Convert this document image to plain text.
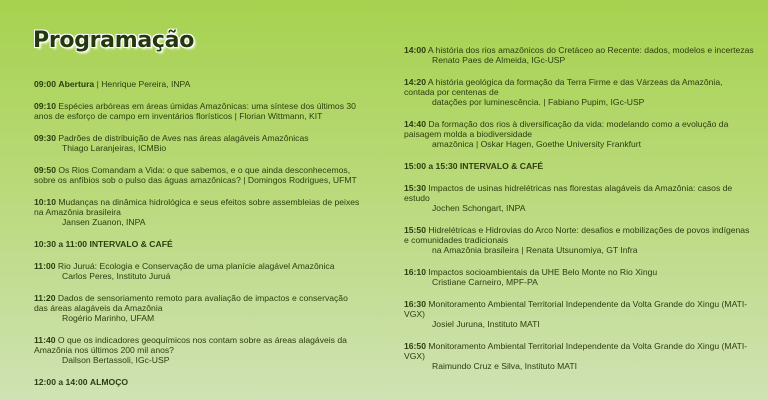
Programação
09:00 Abertura | Henrique Pereira, INPA
09:10 Espécies arbóreas em áreas úmidas Amazônicas: uma síntese dos últimos 30 anos de esforço de campo em inventários florísticos | Florian Wittmann, KIT
09:30 Padrões de distribuição de Aves nas áreas alagáveis Amazônicas
Thiago Laranjeiras, ICMBio
09:50 Os Rios Comandam a Vida: o que sabemos, e o que ainda desconhecemos, sobre os anfíbios sob o pulso das águas amazônicas? | Domingos Rodrigues, UFMT
10:10 Mudanças na dinâmica hidrológica e seus efeitos sobre assembleias de peixes na Amazônia brasileira
Jansen Zuanon, INPA
10:30 a 11:00 INTERVALO & CAFÉ
11:00 Rio Juruá: Ecologia e Conservação de uma planície alagável Amazônica
Carlos Peres, Instituto Juruá
11:20 Dados de sensoriamento remoto para avaliação de impactos e conservação das áreas alagáveis da Amazônia
Rogério Marinho, UFAM
11:40 O que os indicadores geoquímicos nos contam sobre as áreas alagáveis da Amazônia nos últimos 200 mil anos?
Dailson Bertassoli, IGc-USP
12:00 a 14:00 ALMOÇO
14:00 A história dos rios amazônicos do Cretáceo ao Recente: dados, modelos e incertezas
Renato Paes de Almeida, IGc-USP
14:20 A história geológica da formação da Terra Firme e das Várzeas da Amazônia, contada por centenas de
datações por luminescência. | Fabiano Pupim, IGc-USP
14:40 Da formação dos rios à diversificação da vida: modelando como a evolução da paisagem molda a biodiversidade
amazônica | Oskar Hagen, Goethe University Frankfurt
15:00 a 15:30 INTERVALO & CAFÉ
15:30 Impactos de usinas hidrelétricas nas florestas alagáveis da Amazônia: casos de estudo
Jochen Schongart, INPA
15:50 Hidrelétricas e Hidrovias do Arco Norte: desafios e mobilizações de povos indígenas e comunidades tradicionais
na Amazônia brasileira | Renata Utsunomiya, GT Infra
16:10 Impactos socioambientais da UHE Belo Monte no Rio Xingu
Cristiane Carneiro, MPF-PA
16:30 Monitoramento Ambiental Territorial Independente da Volta Grande do Xingu (MATI-VGX)
Josiel Juruna, Instituto MATI
16:50 Monitoramento Ambiental Territorial Independente da Volta Grande do Xingu (MATI-VGX)
Raimundo Cruz e Silva, Instituto MATI
